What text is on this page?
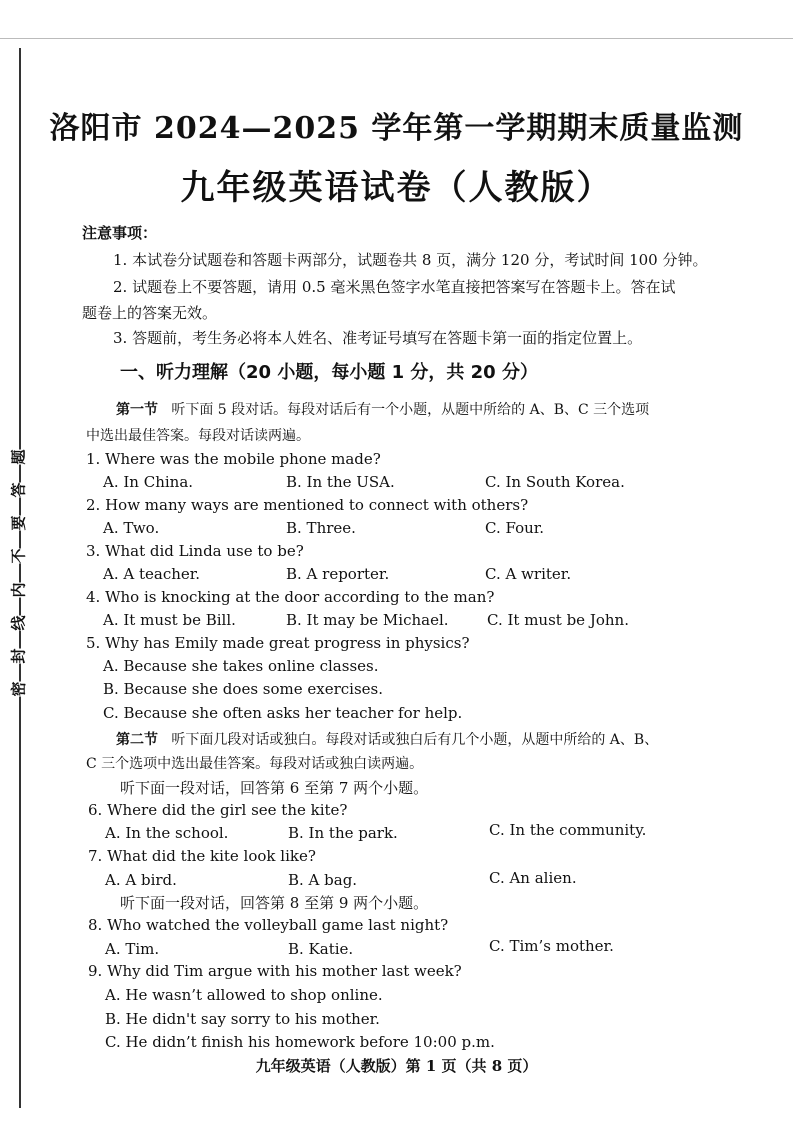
题
答
要
不
内
线
封
密
洛阳市 2024—2025 学年第一学期期末质量监测
九年级英语试卷（人教版）
注意事项：
1. 本试卷分试题卷和答题卡两部分，试题卷共 8 页，满分 120 分，考试时间 100 分钟。
2. 试题卷上不要答题，请用 0.5 毫米黑色签字水笔直接把答案写在答题卡上。答在试
题卷上的答案无效。
3. 答题前，考生务必将本人姓名、准考证号填写在答题卡第一面的指定位置上。
一、听力理解（20 小题，每小题 1 分，共 20 分）
第一节 听下面 5 段对话。每段对话后有一个小题，从题中所给的 A、B、C 三个选项
中选出最佳答案。每段对话读两遍。
1. Where was the mobile phone made?
A. In China.	B. In the USA.	C. In South Korea.
2. How many ways are mentioned to connect with others?
A. Two.	B. Three.	C. Four.
3. What did Linda use to be?
A. A teacher.	B. A reporter.	C. A writer.
4. Who is knocking at the door according to the man?
A. It must be Bill.	B. It may be Michael.	C. It must be John.
5. Why has Emily made great progress in physics?
A. Because she takes online classes.
B. Because she does some exercises.
C. Because she often asks her teacher for help.
第二节 听下面几段对话或独白。每段对话或独白后有几个小题，从题中所给的 A、B、
C 三个选项中选出最佳答案。每段对话或独白读两遍。
听下面一段对话，回答第 6 至第 7 两个小题。
6. Where did the girl see the kite?
A. In the school.	B. In the park.	C. In the community.
7. What did the kite look like?
A. A bird.	B. A bag.	C. An alien.
听下面一段对话，回答第 8 至第 9 两个小题。
8. Who watched the volleyball game last night?
A. Tim.	B. Katie.	C. Tim’s mother.
9. Why did Tim argue with his mother last week?
A. He wasn’t allowed to shop online.
B. He didn't say sorry to his mother.
C. He didn’t finish his homework before 10:00 p.m.
九年级英语（人教版）第 1 页（共 8 页）
